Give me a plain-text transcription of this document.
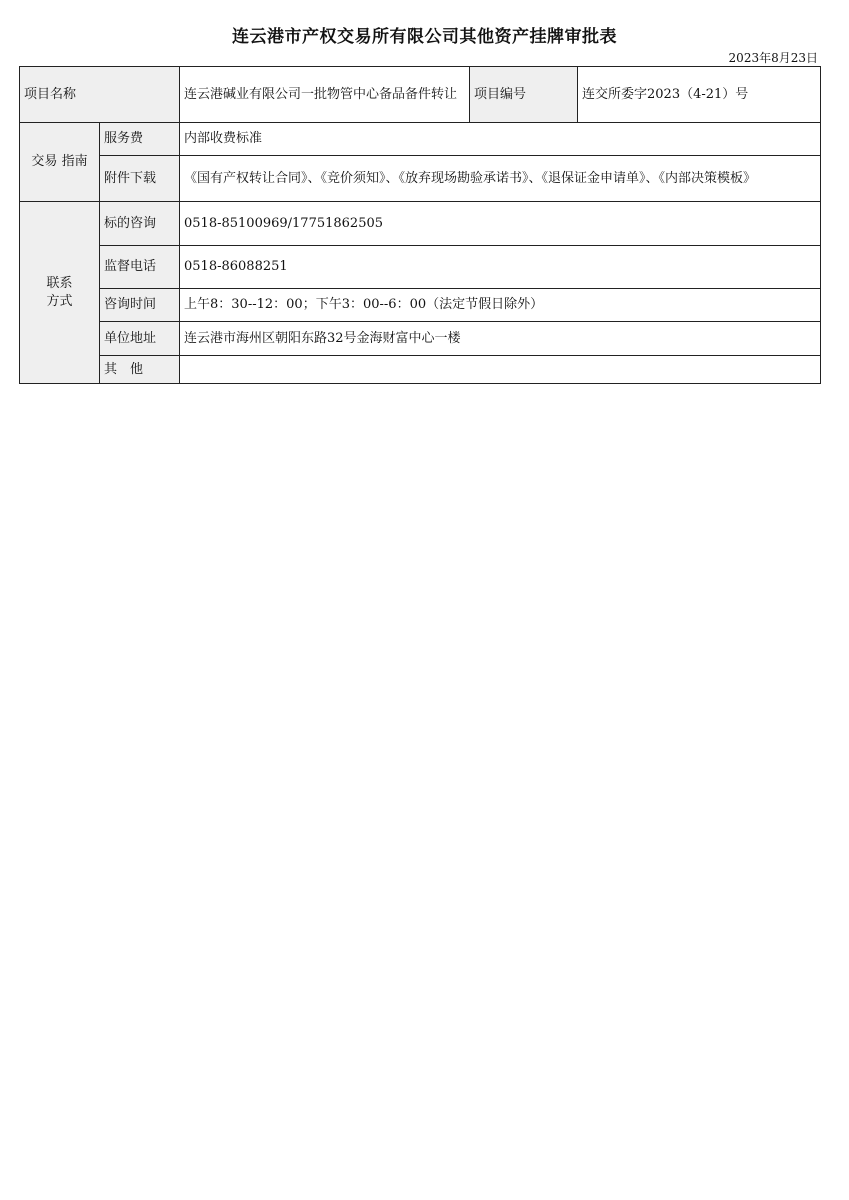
连云港市产权交易所有限公司其他资产挂牌审批表
2023年8月23日
项目名称		连云港碱业有限公司一批物管中心备品备件转让	项目编号	连交所委字2023（4-21）号
交易 指南	服务费	内部收费标准		
	附件下载	《国有产权转让合同》、《竞价须知》、《放弃现场勘验承诺书》、《退保证金申请单》、《内部决策模板》		

联系
方式	标的咨询	0518-85100969/17751862505		
	监督电话	0518-86088251		
	咨询时间	上午8：30--12：00；下午3：00--6：00（法定节假日除外）		
	单位地址	连云港市海州区朝阳东路32号金海财富中心一楼		
	其　他			
